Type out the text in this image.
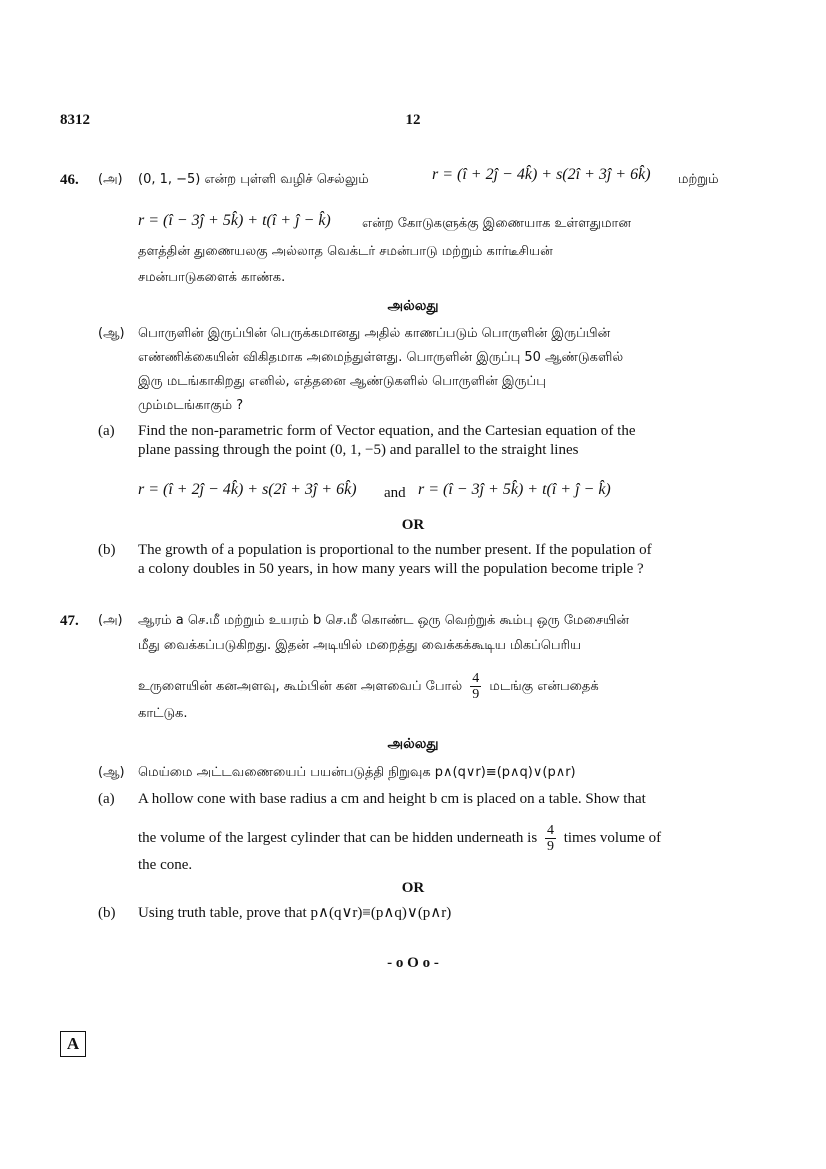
8312	12
46. (அ) (0, 1, −5) என்ற புள்ளி வழிச் செல்லும்	r = (î + 2ĵ − 4k̂) + s(2î + 3ĵ + 6k̂) மற்றும்
r = (î − 3ĵ + 5k̂) + t(î + ĵ − k̂) என்ற கோடுகளுக்கு இணையாக உள்ளதுமான
தளத்தின் துணையலகு அல்லாத வெக்டர் சமன்பாடு மற்றும் கார்டீசியன்
சமன்பாடுகளைக் காண்க.
அல்லது
(ஆ) பொருளின் இருப்பின் பெருக்கமானது அதில் காணப்படும் பொருளின் இருப்பின்
எண்ணிக்கையின் விகிதமாக அமைந்துள்ளது. பொருளின் இருப்பு 50 ஆண்டுகளில்
இரு மடங்காகிறது எனில், எத்தனை ஆண்டுகளில் பொருளின் இருப்பு
மும்மடங்காகும் ?
(a) Find the non-parametric form of Vector equation, and the Cartesian equation of the
plane passing through the point (0, 1, −5) and parallel to the straight lines
r = (î + 2ĵ − 4k̂) + s(2î + 3ĵ + 6k̂) and r = (î − 3ĵ + 5k̂) + t(î + ĵ − k̂)
OR
(b) The growth of a population is proportional to the number present. If the population of
a colony doubles in 50 years, in how many years will the population become triple ?
47. (அ) ஆரம் a செ.மீ மற்றும் உயரம் b செ.மீ கொண்ட ஒரு வெற்றுக் கூம்பு ஒரு மேசையின்
மீது வைக்கப்படுகிறது. இதன் அடியில் மறைத்து வைக்கக்கூடிய மிகப்பெரிய
உருளையின் கனஅளவு, கூம்பின் கன அளவைப் போல் $\frac{4}{9}$ மடங்கு என்பதைக்
காட்டுக.
அல்லது
(ஆ) மெய்மை அட்டவணையைப் பயன்படுத்தி நிறுவுக p∧(q∨r)≡(p∧q)∨(p∧r)
(a) A hollow cone with base radius a cm and height b cm is placed on a table. Show that
the volume of the largest cylinder that can be hidden underneath is $\frac{4}{9}$ times volume of
the cone.
OR
(b) Using truth table, prove that p∧(q∨r)≡(p∧q)∨(p∧r)
- o O o -
A
